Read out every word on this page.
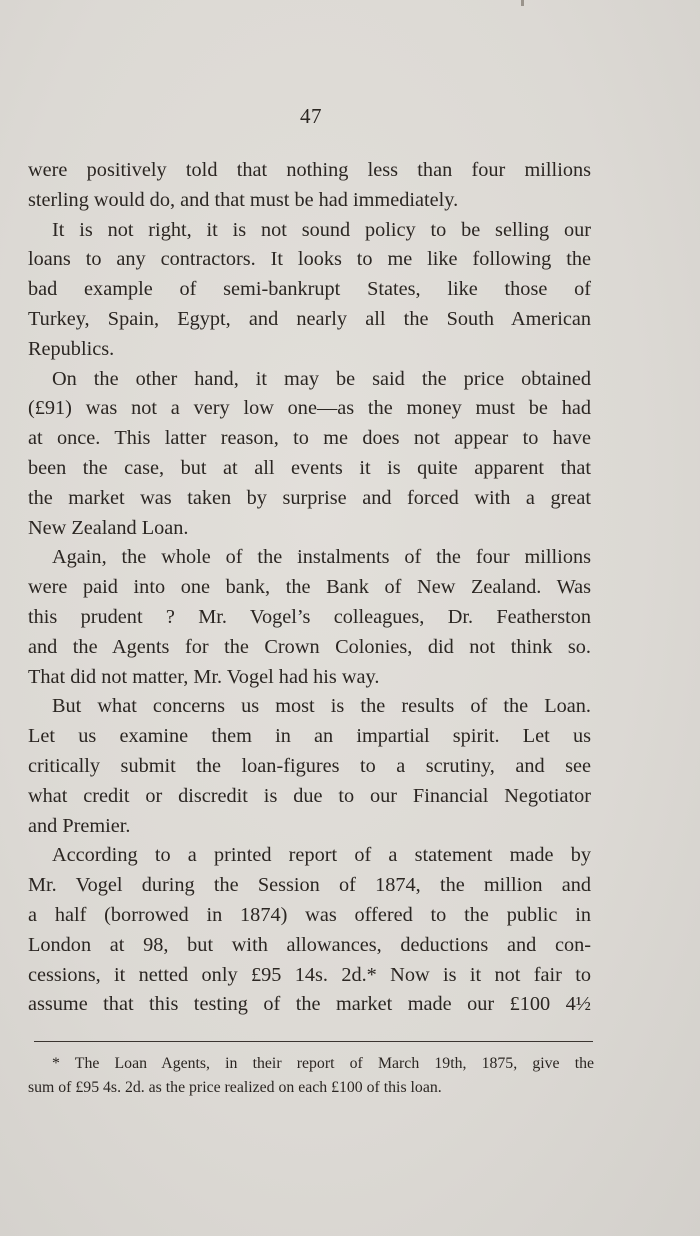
47
were positively told that nothing less than four millions
sterling would do, and that must be had immediately.
It is not right, it is not sound policy to be selling our
loans to any contractors. It looks to me like following the
bad example of semi-bankrupt States, like those of
Turkey, Spain, Egypt, and nearly all the South American
Republics.
On the other hand, it may be said the price obtained
(£91) was not a very low one—as the money must be had
at once. This latter reason, to me does not appear to have
been the case, but at all events it is quite apparent that
the market was taken by surprise and forced with a great
New Zealand Loan.
Again, the whole of the instalments of the four millions
were paid into one bank, the Bank of New Zealand. Was
this prudent ? Mr. Vogel’s colleagues, Dr. Featherston
and the Agents for the Crown Colonies, did not think so.
That did not matter, Mr. Vogel had his way.
But what concerns us most is the results of the Loan.
Let us examine them in an impartial spirit. Let us
critically submit the loan-figures to a scrutiny, and see
what credit or discredit is due to our Financial Negotiator
and Premier.
According to a printed report of a statement made by
Mr. Vogel during the Session of 1874, the million and
a half (borrowed in 1874) was offered to the public in
London at 98, but with allowances, deductions and con-
cessions, it netted only £95 14s. 2d.* Now is it not fair to
assume that this testing of the market made our £100 4½
* The Loan Agents, in their report of March 19th, 1875, give the
sum of £95 4s. 2d. as the price realized on each £100 of this loan.
